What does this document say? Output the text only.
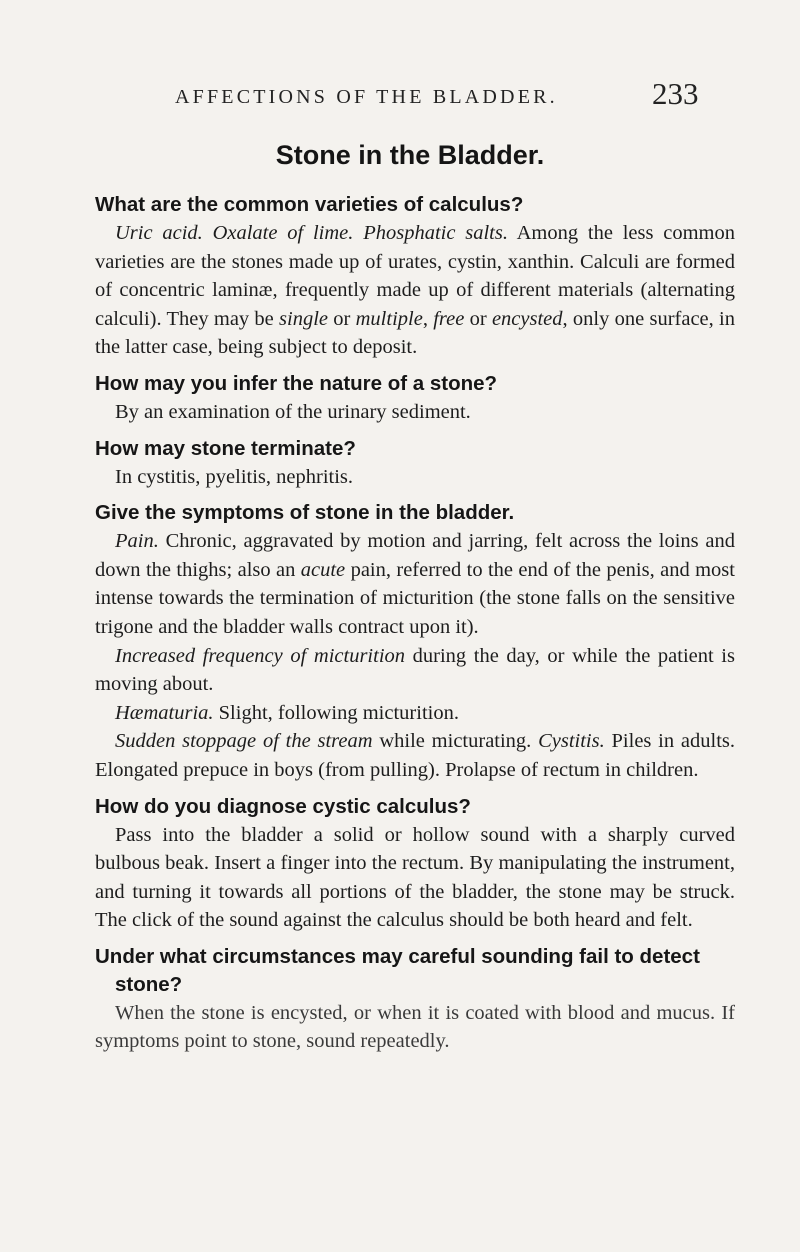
AFFECTIONS OF THE BLADDER.	233
Stone in the Bladder.
What are the common varieties of calculus?

Uric acid. Oxalate of lime. Phosphatic salts. Among the less common varieties are the stones made up of urates, cystin, xanthin. Calculi are formed of concentric laminæ, frequently made up of different materials (alternating calculi). They may be single or multiple, free or encysted, only one surface, in the latter case, being subject to deposit.

How may you infer the nature of a stone?

By an examination of the urinary sediment.

How may stone terminate?

In cystitis, pyelitis, nephritis.

Give the symptoms of stone in the bladder.

Pain. Chronic, aggravated by motion and jarring, felt across the loins and down the thighs; also an acute pain, referred to the end of the penis, and most intense towards the termination of micturition (the stone falls on the sensitive trigone and the bladder walls contract upon it).

Increased frequency of micturition during the day, or while the patient is moving about.

Hæmaturia. Slight, following micturition.

Sudden stoppage of the stream while micturating. Cystitis. Piles in adults. Elongated prepuce in boys (from pulling). Prolapse of rectum in children.

How do you diagnose cystic calculus?

Pass into the bladder a solid or hollow sound with a sharply curved bulbous beak. Insert a finger into the rectum. By manipulating the instrument, and turning it towards all portions of the bladder, the stone may be struck. The click of the sound against the calculus should be both heard and felt.

Under what circumstances may careful sounding fail to detect stone?

When the stone is encysted, or when it is coated with blood and mucus. If symptoms point to stone, sound repeatedly.
